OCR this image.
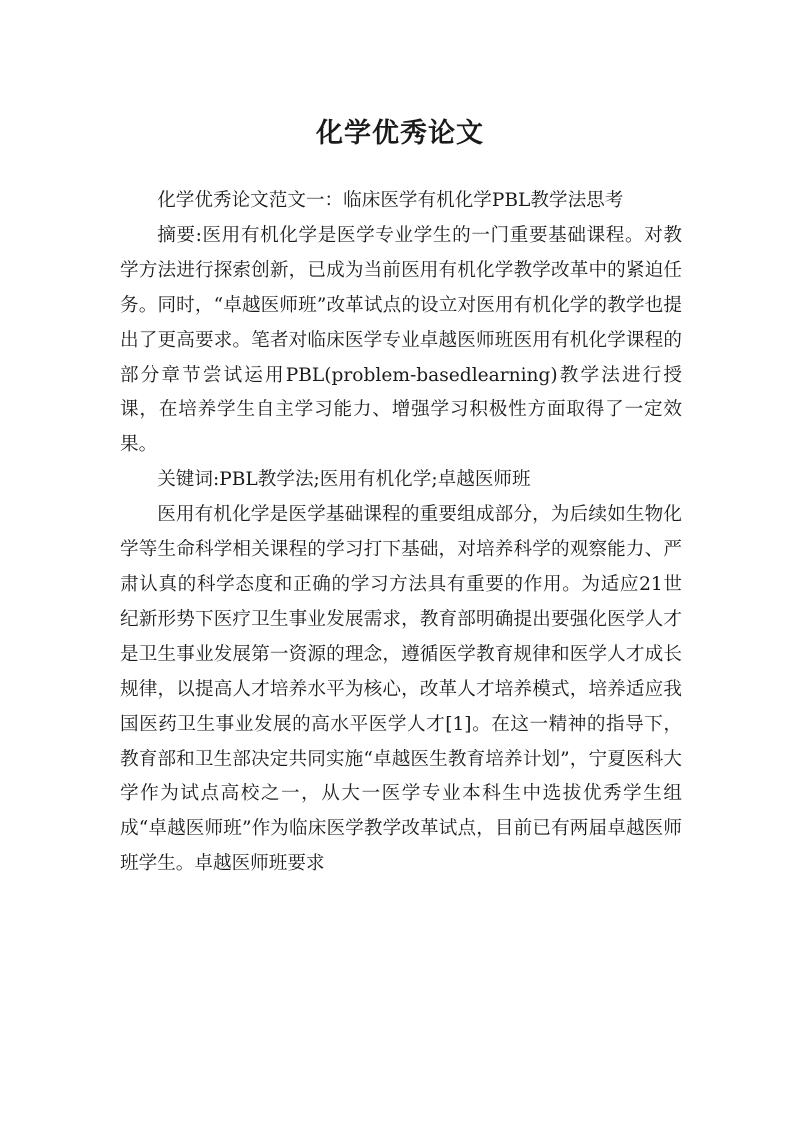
化学优秀论文

化学优秀论文范文一：临床医学有机化学PBL教学法思考

摘要:医用有机化学是医学专业学生的一门重要基础课程。对教学方法进行探索创新，已成为当前医用有机化学教学改革中的紧迫任务。同时，“卓越医师班”改革试点的设立对医用有机化学的教学也提出了更高要求。笔者对临床医学专业卓越医师班医用有机化学课程的部分章节尝试运用PBL(problem-basedlearning)教学法进行授课，在培养学生自主学习能力、增强学习积极性方面取得了一定效果。

关键词:PBL教学法;医用有机化学;卓越医师班

医用有机化学是医学基础课程的重要组成部分，为后续如生物化学等生命科学相关课程的学习打下基础，对培养科学的观察能力、严肃认真的科学态度和正确的学习方法具有重要的作用。为适应21世纪新形势下医疗卫生事业发展需求，教育部明确提出要强化医学人才是卫生事业发展第一资源的理念，遵循医学教育规律和医学人才成长规律，以提高人才培养水平为核心，改革人才培养模式，培养适应我国医药卫生事业发展的高水平医学人才[1]。在这一精神的指导下，教育部和卫生部决定共同实施“卓越医生教育培养计划”，宁夏医科大学作为试点高校之一，从大一医学专业本科生中选拔优秀学生组成“卓越医师班”作为临床医学教学改革试点，目前已有两届卓越医师班学生。卓越医师班要求
